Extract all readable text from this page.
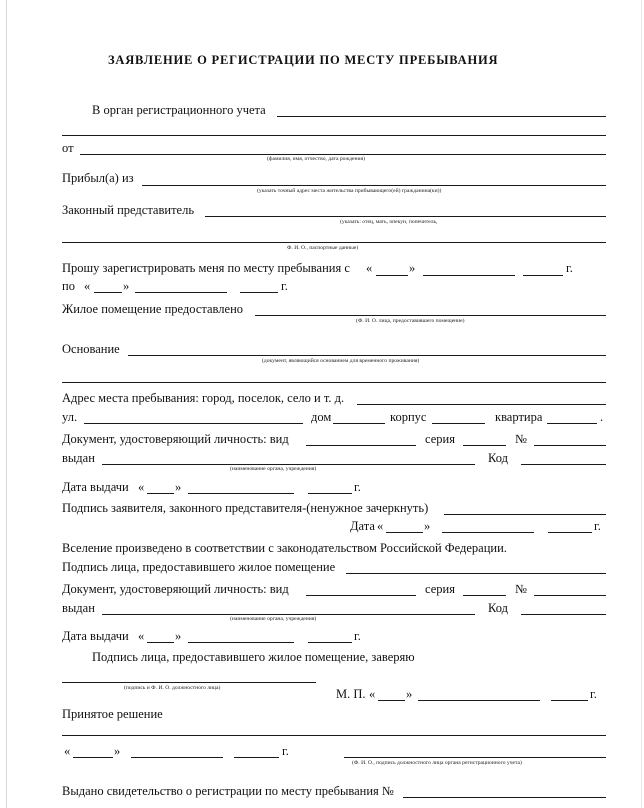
ЗАЯВЛЕНИЕ О РЕГИСТРАЦИИ ПО МЕСТУ ПРЕБЫВАНИЯ
В орган регистрационного учета
от
(фамилия, имя, отчество, дата рождения)
Прибыл(а) из
(указать точный адрес места жительства прибывающего(ей) гражданина(ки))
Законный представитель
(указать: отец, мать, опекун, попечитель,
Ф. И. О., паспортные данные)
Прошу зарегистрировать меня по месту пребывания с «	»	г.
по «	»	г.
Жилое помещение предоставлено
(Ф. И. О. лица, предоставившего помещение)
Основание
(документ, являющийся основанием для временного проживания)
Адрес места пребывания: город, поселок, село и т. д.
ул.	дом	корпус	квартира	.
Документ, удостоверяющий личность: вид	серия	№
выдан	Код
(наименование органа, учреждения)
Дата выдачи « »	г.
Подпись заявителя, законного представителя-(ненужное зачеркнуть)
Дата «	»	г.
Вселение произведено в соответствии с законодательством Российской Федерации.
Подпись лица, предоставившего жилое помещение
Документ, удостоверяющий личность: вид	серия	№
выдан	Код
(наименование органа, учреждения)
Дата выдачи « »	г.
Подпись лица, предоставившего жилое помещение, заверяю
(подпись и Ф. И. О. должностного лица)	М. П. « »	г.
Принятое решение
«	»	г.
(Ф. И. О., подпись должностного лица органа регистрационного учета)
Выдано свидетельство о регистрации по месту пребывания №
